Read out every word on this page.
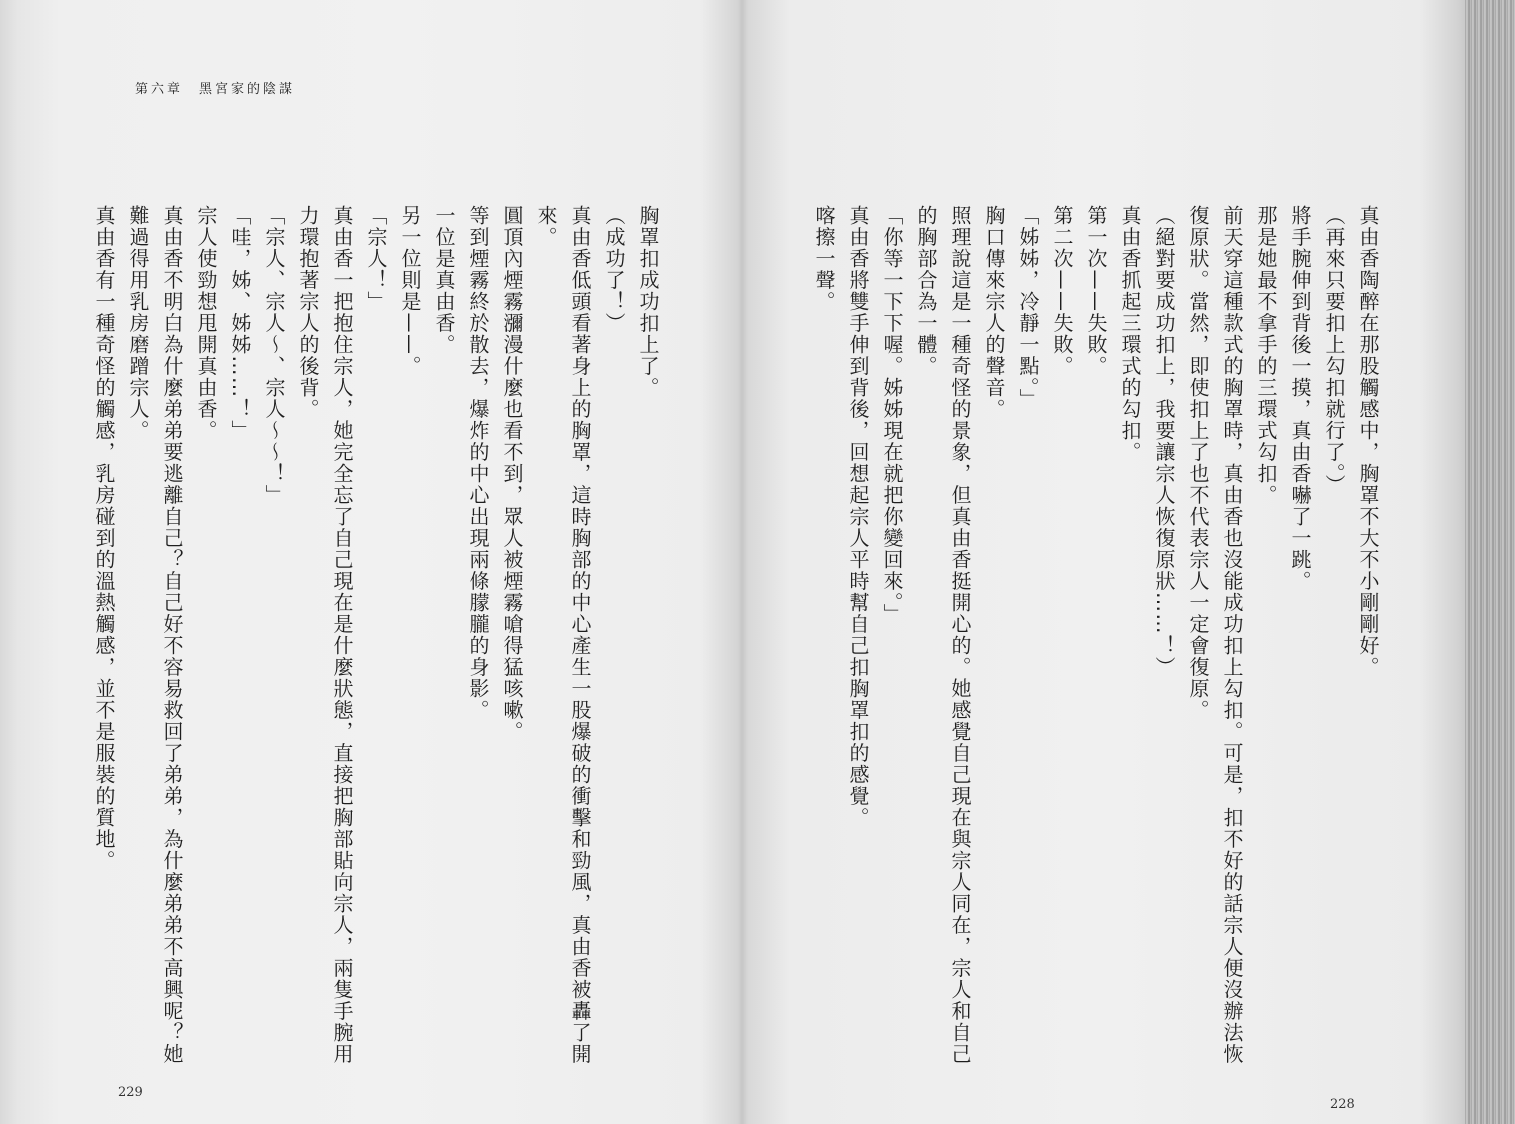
第六章　黑宮家的陰謀
胸罩扣成功扣上了。
（成功了！）
真由香低頭看著身上的胸罩，這時胸部的中心產生一股爆破的衝擊和勁風，真由香被轟了開
來。
圓頂內煙霧瀰漫什麼也看不到，眾人被煙霧嗆得猛咳嗽。
等到煙霧終於散去，爆炸的中心出現兩條朦朧的身影。
一位是真由香。
另一位則是——。
「宗人！」
真由香一把抱住宗人，她完全忘了自己現在是什麼狀態，直接把胸部貼向宗人，兩隻手腕用
力環抱著宗人的後背。
「宗人、宗人～、宗人～～！」
「哇，姊、姊姊……！」
宗人使勁想甩開真由香。
真由香不明白為什麼弟弟要逃離自己？自己好不容易救回了弟弟，為什麼弟弟不高興呢？她
難過得用乳房磨蹭宗人。
真由香有一種奇怪的觸感，乳房碰到的溫熱觸感，並不是服裝的質地。
229
真由香陶醉在那股觸感中，胸罩不大不小剛剛好。
（再來只要扣上勾扣就行了。）
將手腕伸到背後一摸，真由香嚇了一跳。
那是她最不拿手的三環式勾扣。
前天穿這種款式的胸罩時，真由香也沒能成功扣上勾扣。可是，扣不好的話宗人便沒辦法恢
復原狀。當然，即使扣上了也不代表宗人一定會復原。
（絕對要成功扣上，我要讓宗人恢復原狀……！）
真由香抓起三環式的勾扣。
第一次——失敗。
第二次——失敗。
「姊姊，冷靜一點。」
胸口傳來宗人的聲音。
照理說這是一種奇怪的景象，但真由香挺開心的。她感覺自己現在與宗人同在，宗人和自己
的胸部合為一體。
「你等一下下喔。姊姊現在就把你變回來。」
真由香將雙手伸到背後，回想起宗人平時幫自己扣胸罩扣的感覺。
喀擦一聲。
228
